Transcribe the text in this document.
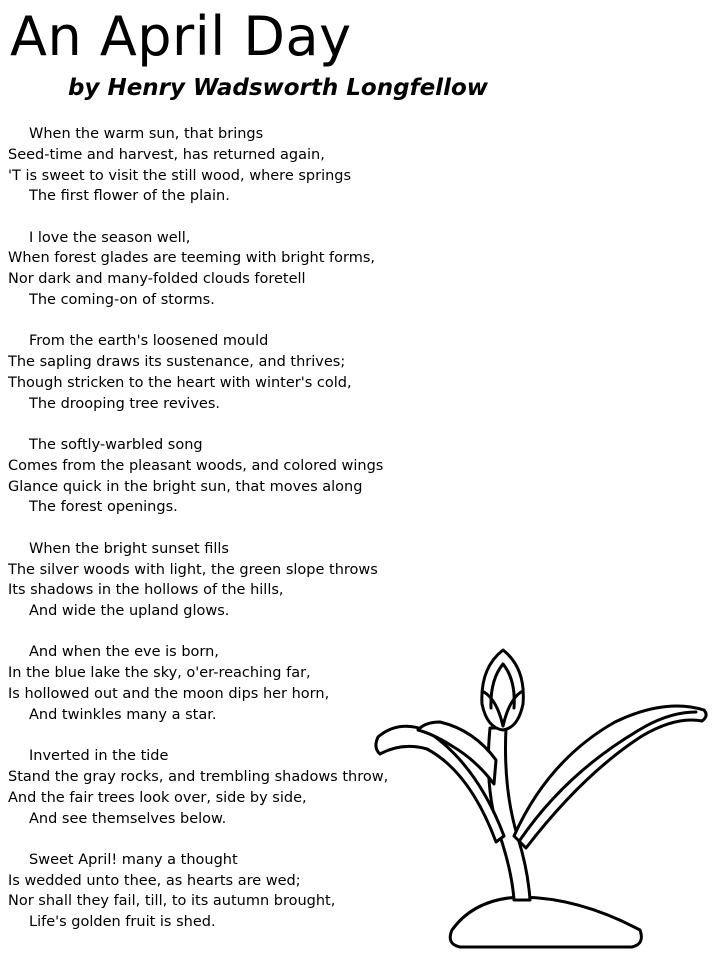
An April Day
by Henry Wadsworth Longfellow
When the warm sun, that brings
Seed-time and harvest, has returned again,
'T is sweet to visit the still wood, where springs
The first flower of the plain.
I love the season well,
When forest glades are teeming with bright forms,
Nor dark and many-folded clouds foretell
The coming-on of storms.
From the earth's loosened mould
The sapling draws its sustenance, and thrives;
Though stricken to the heart with winter's cold,
The drooping tree revives.
The softly-warbled song
Comes from the pleasant woods, and colored wings
Glance quick in the bright sun, that moves along
The forest openings.
When the bright sunset fills
The silver woods with light, the green slope throws
Its shadows in the hollows of the hills,
And wide the upland glows.
And when the eve is born,
In the blue lake the sky, o'er-reaching far,
Is hollowed out and the moon dips her horn,
And twinkles many a star.
Inverted in the tide
Stand the gray rocks, and trembling shadows throw,
And the fair trees look over, side by side,
And see themselves below.
Sweet April! many a thought
Is wedded unto thee, as hearts are wed;
Nor shall they fail, till, to its autumn brought,
Life's golden fruit is shed.
